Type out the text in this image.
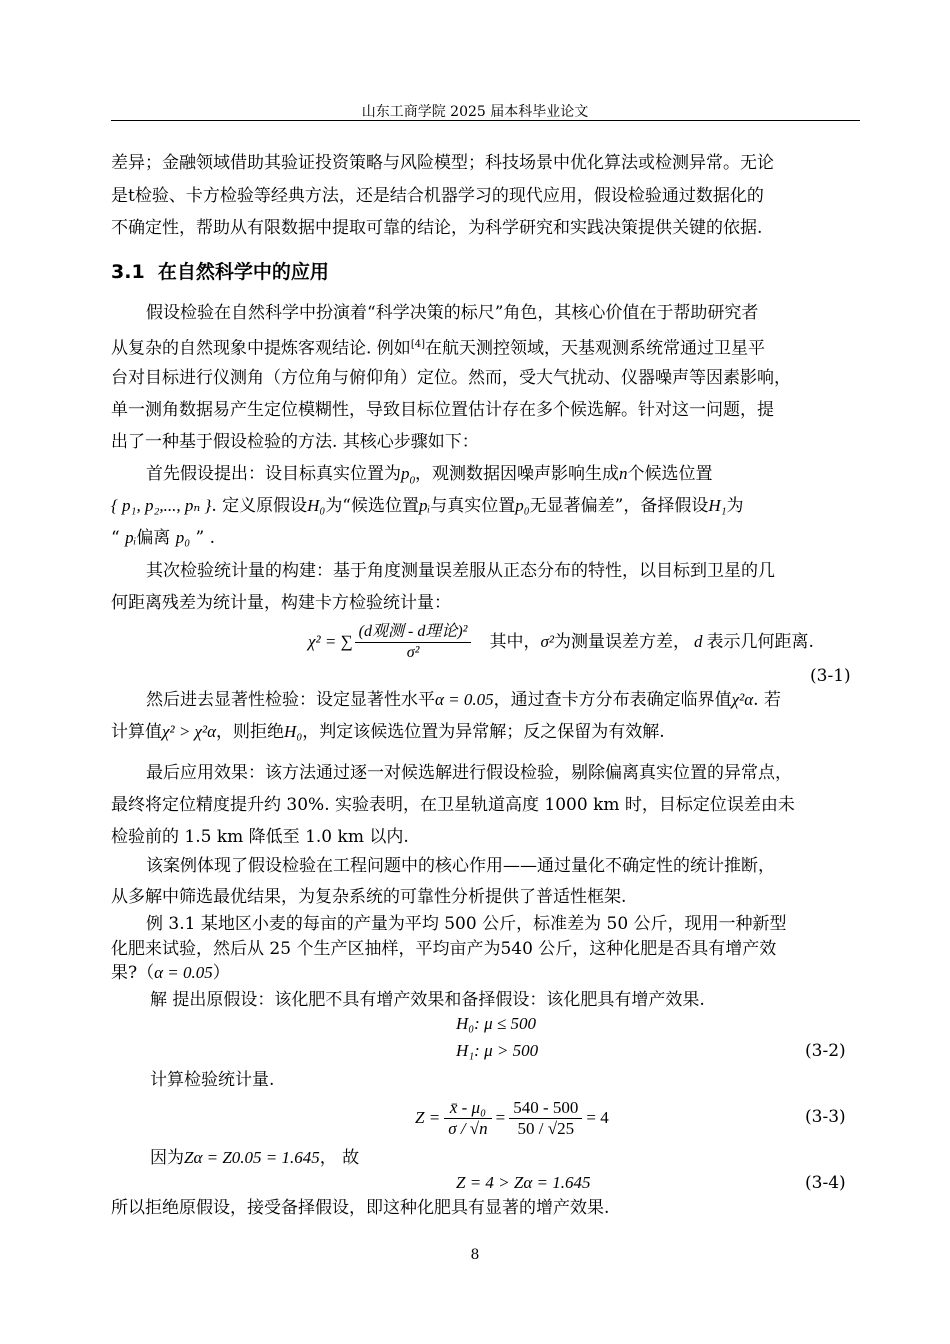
山东工商学院 2025 届本科毕业论文
差异；金融领域借助其验证投资策略与风险模型；科技场景中优化算法或检测异常。无论
是t检验、卡方检验等经典方法，还是结合机器学习的现代应用，假设检验通过数据化的
不确定性，帮助从有限数据中提取可靠的结论，为科学研究和实践决策提供关键的依据.
3.1 在自然科学中的应用
假设检验在自然科学中扮演着“科学决策的标尺”角色，其核心价值在于帮助研究者
从复杂的自然现象中提炼客观结论. 例如[4]在航天测控领域，天基观测系统常通过卫星平
台对目标进行仪测角（方位角与俯仰角）定位。然而，受大气扰动、仪器噪声等因素影响，
单一测角数据易产生定位模糊性，导致目标位置估计存在多个候选解。针对这一问题，提
出了一种基于假设检验的方法. 其核心步骤如下：
首先假设提出：设目标真实位置为$p_0$，观测数据因噪声影响生成n个候选位置
{ p₁, p₂,..., pₙ }. 定义原假设H₀为“候选位置pᵢ与真实位置p₀无显著偏差”，备择假设H₁为
“ pᵢ偏离 p₀ ” .
其次检验统计量的构建：基于角度测量误差服从正态分布的特性，以目标到卫星的几
何距离残差为统计量，构建卡方检验统计量：
χ² = ∑ $\frac{\text{(d观测 - d理论)²}}{\text{σ²}}$ 其中， σ² 为测量误差方差， d 表示几何距离.
(3-1)
然后进去显著性检验：设定显著性水平α = 0.05，通过查卡方分布表确定临界值χ²α. 若
计算值χ² > χ²α，则拒绝H₀，判定该候选位置为异常解；反之保留为有效解.
最后应用效果：该方法通过逐一对候选解进行假设检验，剔除偏离真实位置的异常点，
最终将定位精度提升约 30%. 实验表明，在卫星轨道高度 1000 km 时，目标定位误差由未
检验前的 1.5 km 降低至 1.0 km 以内.
该案例体现了假设检验在工程问题中的核心作用——通过量化不确定性的统计推断，
从多解中筛选最优结果，为复杂系统的可靠性分析提供了普适性框架.
例 3.1 某地区小麦的每亩的产量为平均 500 公斤，标准差为 50 公斤，现用一种新型
化肥来试验，然后从 25 个生产区抽样，平均亩产为540 公斤，这种化肥是否具有增产效
果?（α = 0.05）
解 提出原假设：该化肥不具有增产效果和备择假设：该化肥具有增产效果.
H₀: μ ≤ 500
H₁: μ > 500	(3-2)
计算检验统计量.
$Z = \frac{\text{x̄ - μ₀}}{\sigma / √n} = \frac{540 - 500}{50 / √25} = 4$	(3-3)
因为Zα = Z0.05 = 1.645， 故
Z = 4 > Zα = 1.645	(3-4)
所以拒绝原假设，接受备择假设，即这种化肥具有显著的增产效果.
8
